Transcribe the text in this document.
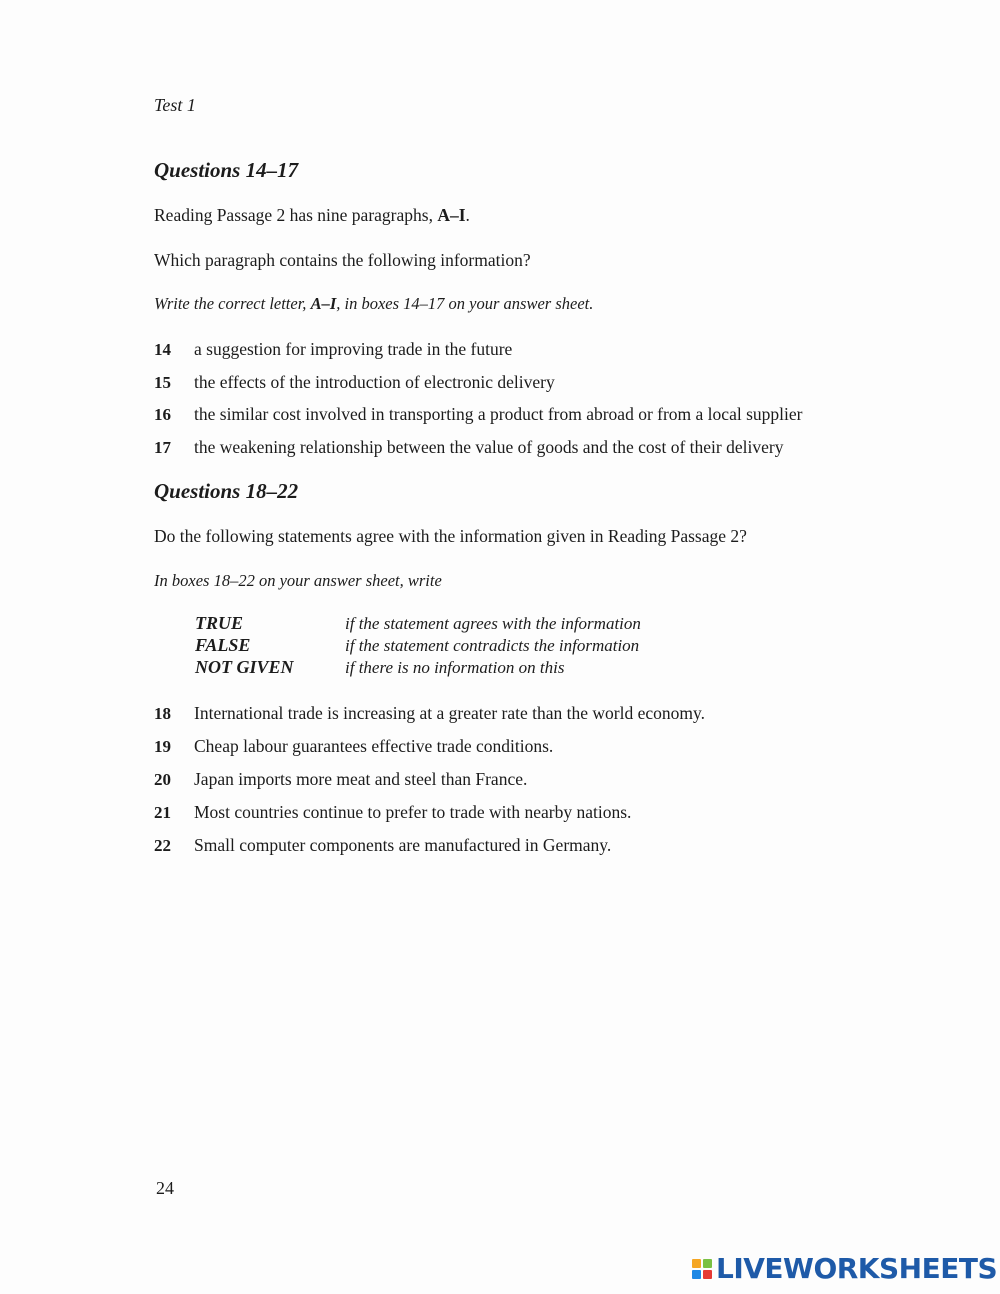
Test 1
Questions 14–17
Reading Passage 2 has nine paragraphs, A–I.
Which paragraph contains the following information?
Write the correct letter, A–I, in boxes 14–17 on your answer sheet.
14	a suggestion for improving trade in the future
15	the effects of the introduction of electronic delivery
16	the similar cost involved in transporting a product from abroad or from a local supplier
17	the weakening relationship between the value of goods and the cost of their delivery
Questions 18–22
Do the following statements agree with the information given in Reading Passage 2?
In boxes 18–22 on your answer sheet, write
TRUE	if the statement agrees with the information
FALSE	if the statement contradicts the information
NOT GIVEN	if there is no information on this
18	International trade is increasing at a greater rate than the world economy.
19	Cheap labour guarantees effective trade conditions.
20	Japan imports more meat and steel than France.
21	Most countries continue to prefer to trade with nearby nations.
22	Small computer components are manufactured in Germany.
24
LIVEWORKSHEETS
